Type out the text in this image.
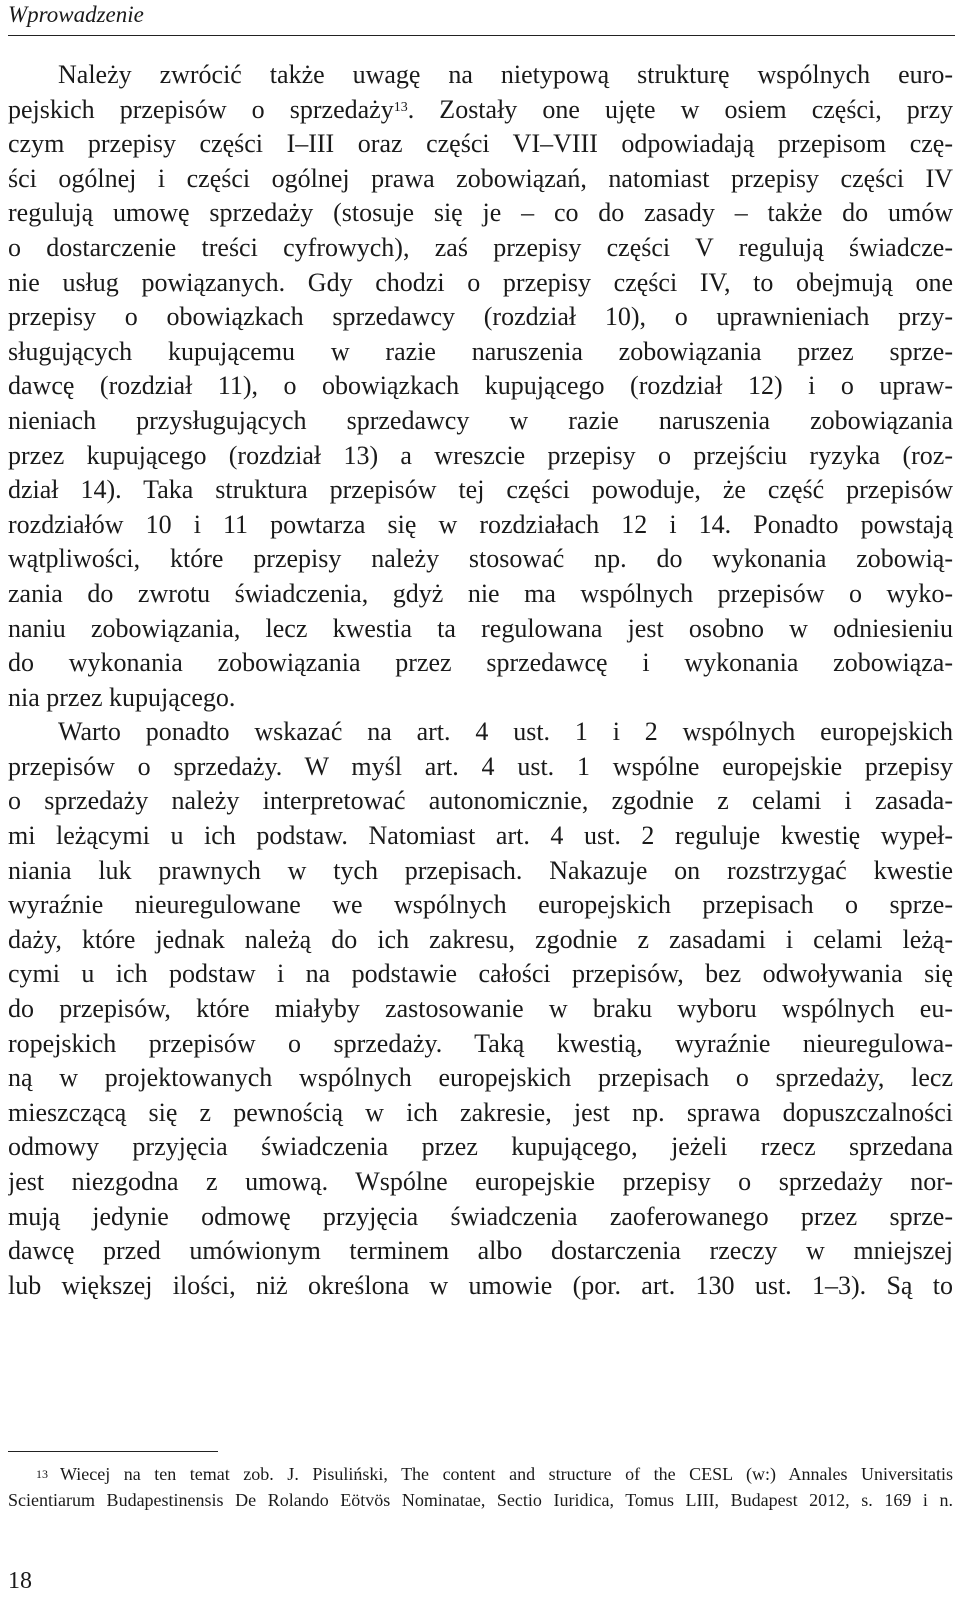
Wprowadzenie
Należy zwrócić także uwagę na nietypową strukturę wspólnych euro-
pejskich przepisów o sprzedaży$^{13}$. Zostały one ujęte w osiem części, przy
czym przepisy części I–III oraz części VI–VIII odpowiadają przepisom czę-
ści ogólnej i części ogólnej prawa zobowiązań, natomiast przepisy części IV
regulują umowę sprzedaży (stosuje się je – co do zasady – także do umów
o dostarczenie treści cyfrowych), zaś przepisy części V regulują świadcze-
nie usług powiązanych. Gdy chodzi o przepisy części IV, to obejmują one
przepisy o obowiązkach sprzedawcy (rozdział 10), o uprawnieniach przy-
sługujących kupującemu w razie naruszenia zobowiązania przez sprze-
dawcę (rozdział 11), o obowiązkach kupującego (rozdział 12) i o upraw-
nieniach przysługujących sprzedawcy w razie naruszenia zobowiązania
przez kupującego (rozdział 13) a wreszcie przepisy o przejściu ryzyka (roz-
dział 14). Taka struktura przepisów tej części powoduje, że część przepisów
rozdziałów 10 i 11 powtarza się w rozdziałach 12 i 14. Ponadto powstają
wątpliwości, które przepisy należy stosować np. do wykonania zobowią-
zania do zwrotu świadczenia, gdyż nie ma wspólnych przepisów o wyko-
naniu zobowiązania, lecz kwestia ta regulowana jest osobno w odniesieniu
do wykonania zobowiązania przez sprzedawcę i wykonania zobowiąza-
nia przez kupującego.
Warto ponadto wskazać na art. 4 ust. 1 i 2 wspólnych europejskich
przepisów o sprzedaży. W myśl art. 4 ust. 1 wspólne europejskie przepisy
o sprzedaży należy interpretować autonomicznie, zgodnie z celami i zasada-
mi leżącymi u ich podstaw. Natomiast art. 4 ust. 2 reguluje kwestię wypeł-
niania luk prawnych w tych przepisach. Nakazuje on rozstrzygać kwestie
wyraźnie nieuregulowane we wspólnych europejskich przepisach o sprze-
daży, które jednak należą do ich zakresu, zgodnie z zasadami i celami leżą-
cymi u ich podstaw i na podstawie całości przepisów, bez odwoływania się
do przepisów, które miałyby zastosowanie w braku wyboru wspólnych eu-
ropejskich przepisów o sprzedaży. Taką kwestią, wyraźnie nieuregulowa-
ną w projektowanych wspólnych europejskich przepisach o sprzedaży, lecz
mieszczącą się z pewnością w ich zakresie, jest np. sprawa dopuszczalności
odmowy przyjęcia świadczenia przez kupującego, jeżeli rzecz sprzedana
jest niezgodna z umową. Wspólne europejskie przepisy o sprzedaży nor-
mują jedynie odmowę przyjęcia świadczenia zaoferowanego przez sprze-
dawcę przed umówionym terminem albo dostarczenia rzeczy w mniejszej
lub większej ilości, niż określona w umowie (por. art. 130 ust. 1–3). Są to
$^{13}$ Wiecej na ten temat zob. J. Pisuliński, The content and structure of the CESL (w:) Annales Universitatis
Scientiarum Budapestinensis De Rolando Eötvös Nominatae, Sectio Iuridica, Tomus LIII, Budapest 2012, s. 169 i n.
18
